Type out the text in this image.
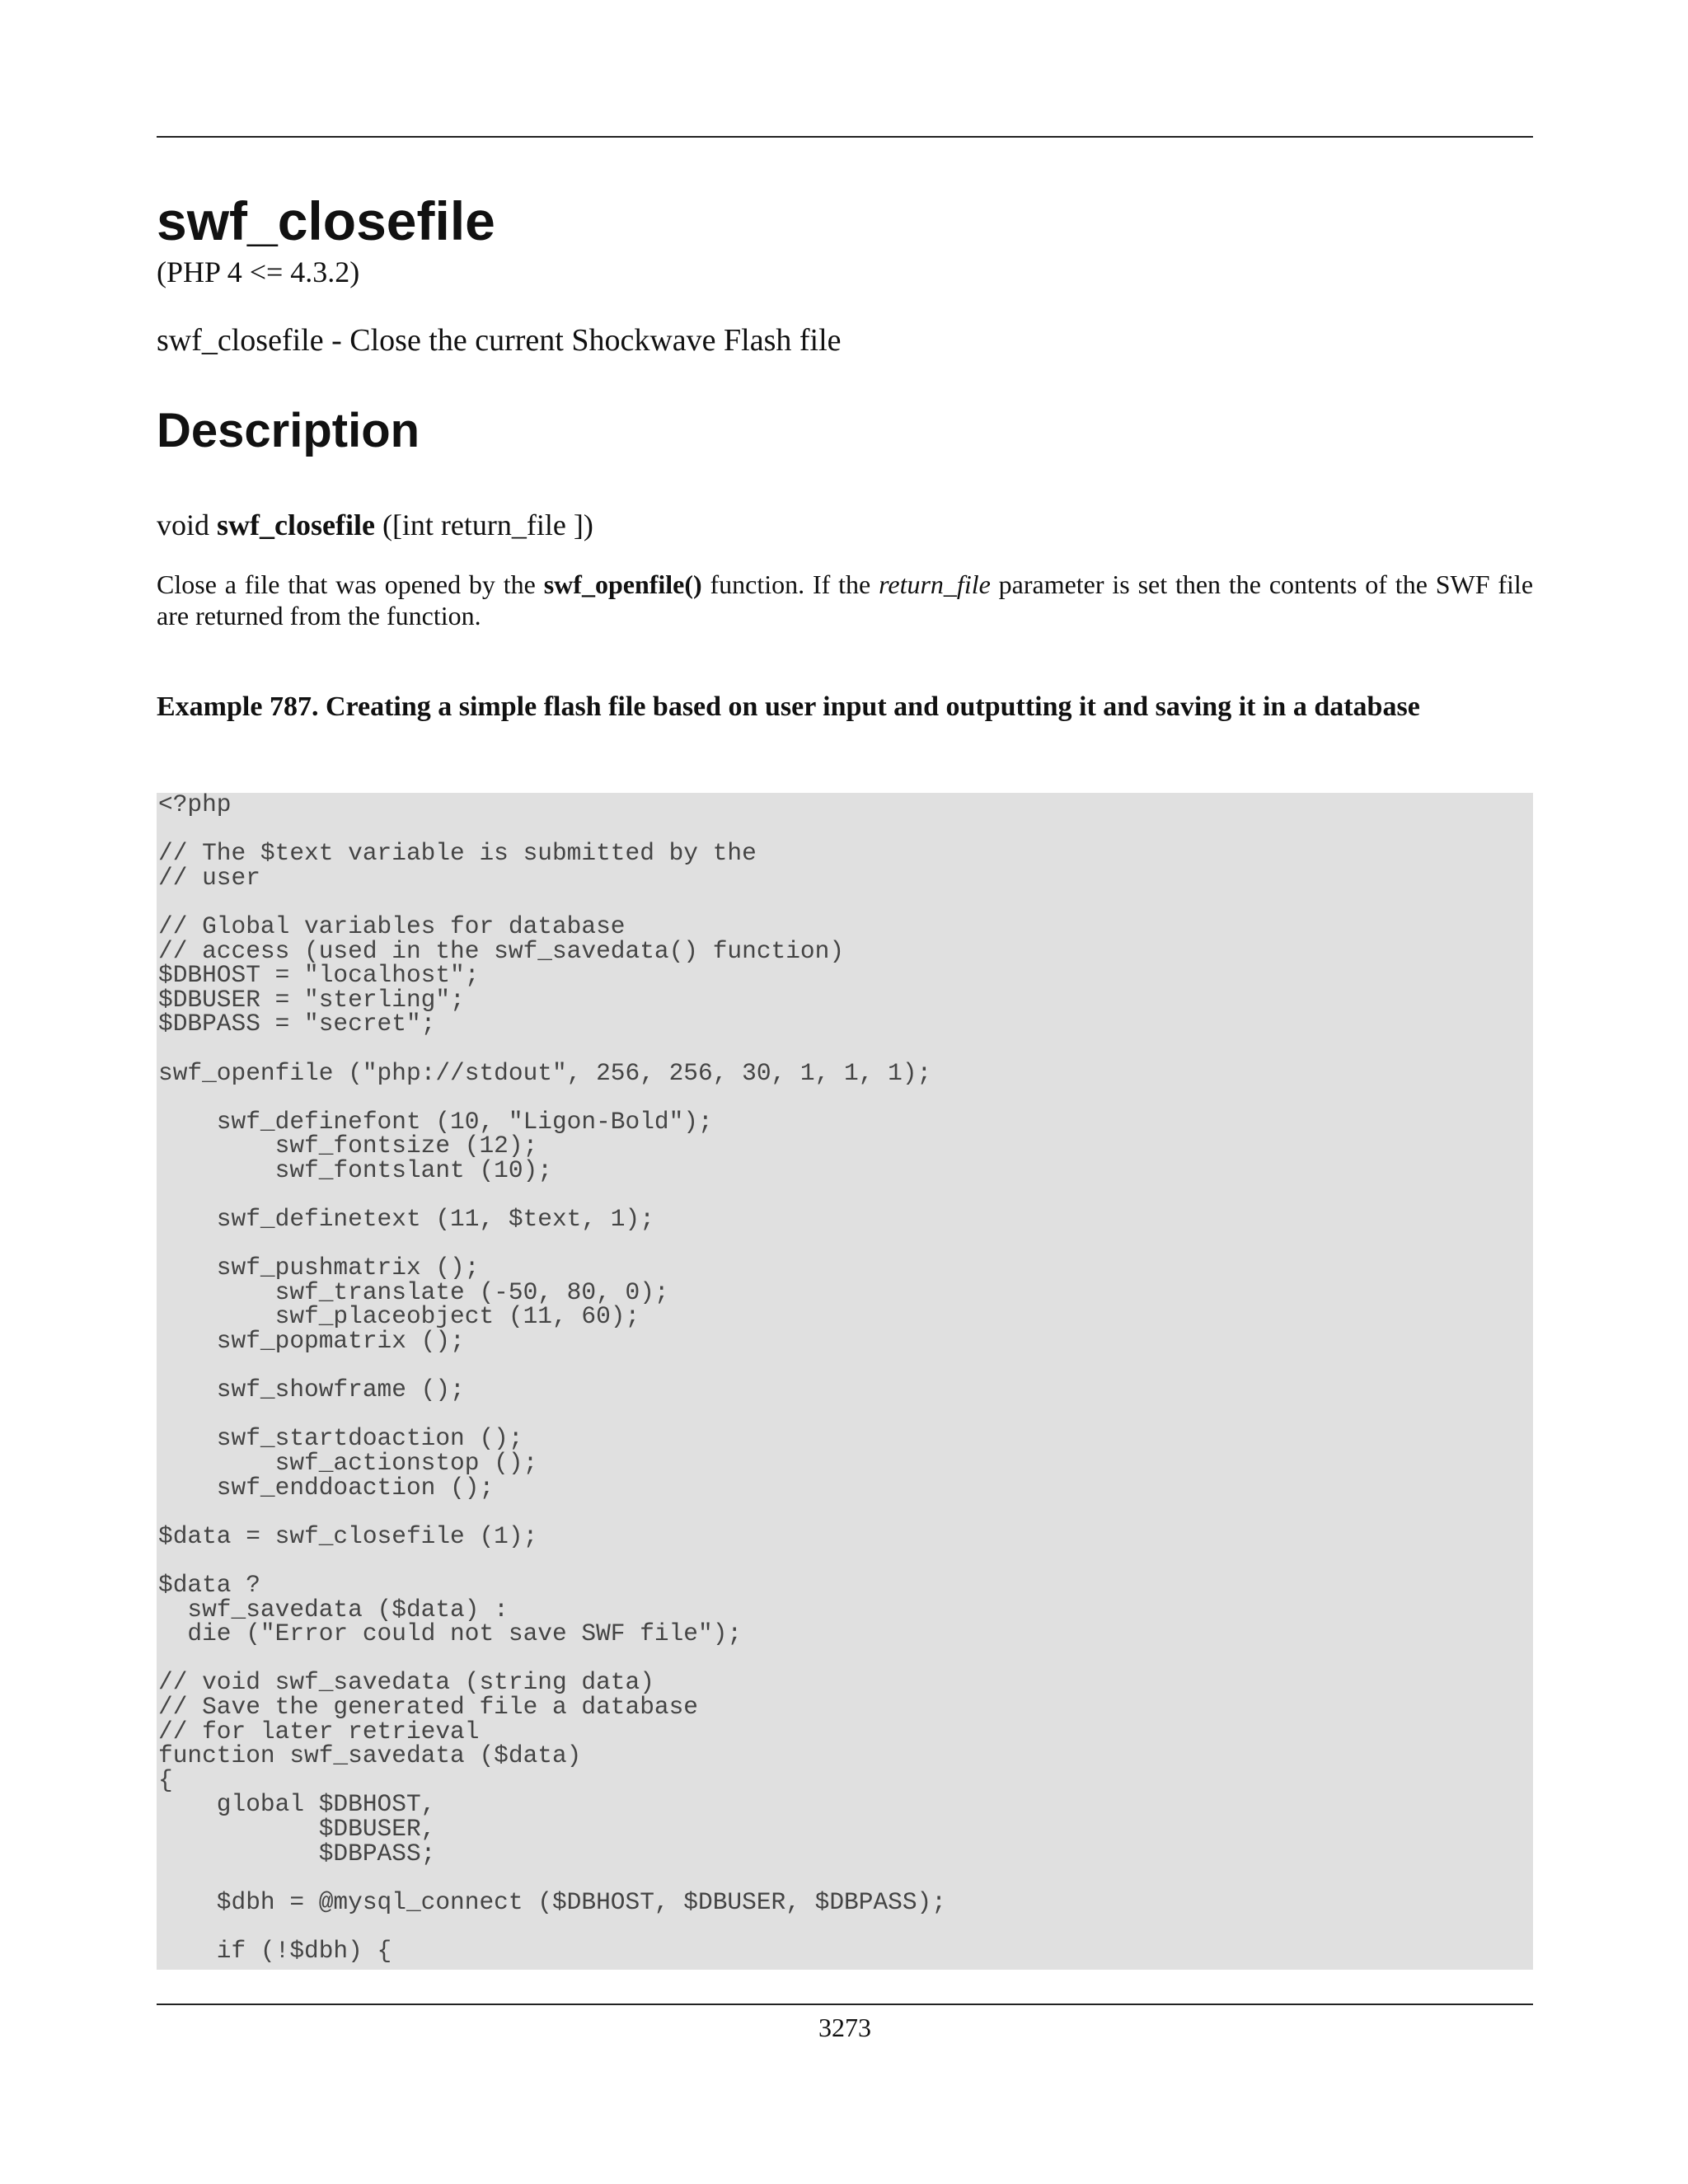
swf_closefile
(PHP 4 <= 4.3.2)
swf_closefile - Close the current Shockwave Flash file
Description
void swf_closefile ([int return_file ])

Close a file that was opened by the swf_openfile() function. If the return_file parameter is set then the contents of the SWF file are returned from the function.

Example 787. Creating a simple flash file based on user input and outputting it and saving it in a database

<?php

// The $text variable is submitted by the
// user

// Global variables for database
// access (used in the swf_savedata() function)
$DBHOST = "localhost";
$DBUSER = "sterling";
$DBPASS = "secret";

swf_openfile ("php://stdout", 256, 256, 30, 1, 1, 1);

swf_definefont (10, "Ligon-Bold");
swf_fontsize (12);
swf_fontslant (10);

swf_definetext (11, $text, 1);

swf_pushmatrix ();
swf_translate (-50, 80, 0);
swf_placeobject (11, 60);
swf_popmatrix ();

swf_showframe ();

swf_startdoaction ();
swf_actionstop ();
swf_enddoaction ();

$data = swf_closefile (1);

$data ?
swf_savedata ($data) :
die ("Error could not save SWF file");

// void swf_savedata (string data)
// Save the generated file a database
// for later retrieval
function swf_savedata ($data)
{
global $DBHOST,
$DBUSER,
$DBPASS;

$dbh = @mysql_connect ($DBHOST, $DBUSER, $DBPASS);

if (!$dbh) {
3273
